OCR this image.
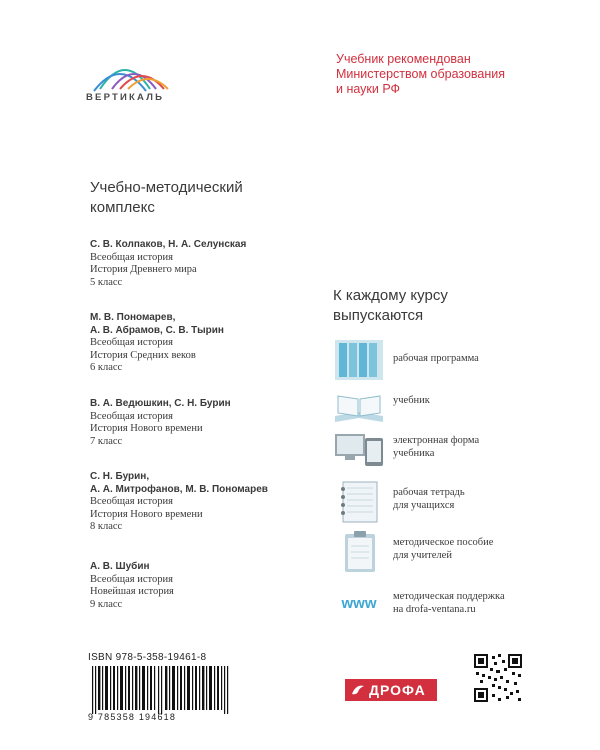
ВЕРТИКАЛЬ
Учебник рекомендован
Министерством образования
и науки РФ
Учебно-методический
комплекс
С. В. Колпаков, Н. А. Селунская
Всеобщая история
История Древнего мира
5 класс
М. В. Пономарев,
А. В. Абрамов, С. В. Тырин
Всеобщая история
История Средних веков
6 класс
В. А. Ведюшкин, С. Н. Бурин
Всеобщая история
История Нового времени
7 класс
С. Н. Бурин,
А. А. Митрофанов, М. В. Пономарев
Всеобщая история
История Нового времени
8 класс
А. В. Шубин
Всеобщая история
Новейшая история
9 класс
К каждому курсу
выпускаются
рабочая программа
учебник
электронная форма
учебника
рабочая тетрадь
для учащихся
методическое пособие
для учителей
www методическая поддержка
на drofa-ventana.ru
ISBN 978-5-358-19461-8
9 785358 194618
ДРОФА
